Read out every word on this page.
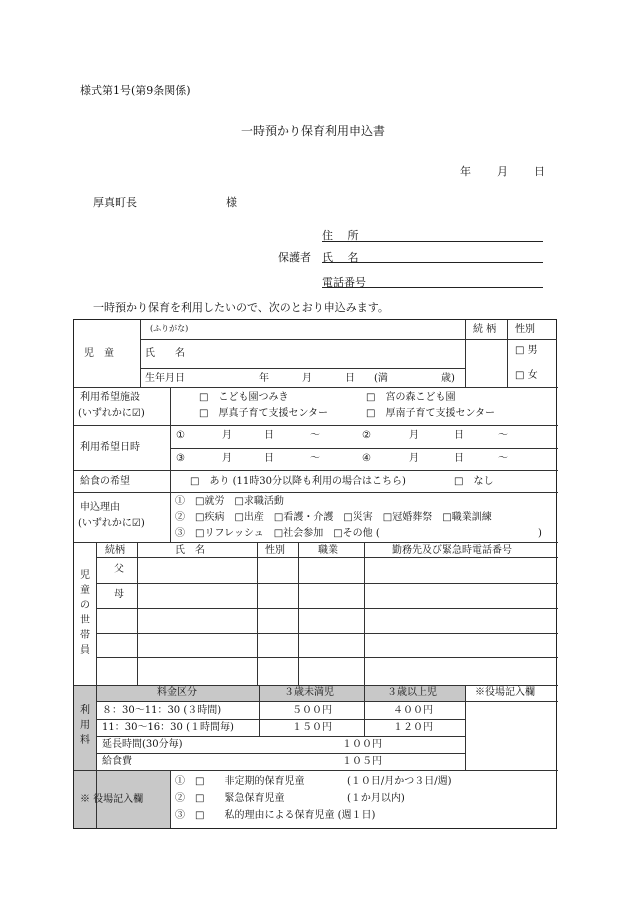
様式第1号(第9条関係)
一時預かり保育利用申込書
年 月 日
厚真町長	様
住　 所
保護者 氏　 名
電話番号
一時預かり保育を利用したいので、次のとおり申込みます。
児　童
(ふりがな)
氏　　名
生年月日	年	月	日 (満	歳)
続 柄 性別
□ 男
□ 女
利用希望施設
(いずれかに☑)
□　こども園つみき	□　宮の森こども園
□　厚真子育て支援センター	□　厚南子育て支援センター
利用希望日時
①	月	日	〜	②	月	日	〜
③	月	日	〜	④	月	日	〜
給食の希望	□　あり (11時30分以降も利用の場合はこちら)	□　なし
申込理由
(いずれかに☑)
①　□就労　□求職活動
②　□疾病　□出産　□看護・介護　□災害　□冠婚葬祭　□職業訓練
③　□リフレッシュ　□社会参加　□その他 (	)
児
童
の
世
帯
員
続柄	氏　名	性別	職業	勤務先及び緊急時電話番号
父
母
利
用
料
料金区分	３歳未満児	３歳以上児	※役場記入欄
８：30〜11：30 (３時間)	５００円	４００円
11：30〜16：30 (１時間毎)	１５０円	１２０円
延長時間(30分毎)	１００円
給食費	１０５円
※ 役場記入欄
①　□　　非定期的保育児童	(１０日/月かつ３日/週)
②　□　　緊急保育児童	(１か月以内)
③　□　　私的理由による保育児童 (週１日)
